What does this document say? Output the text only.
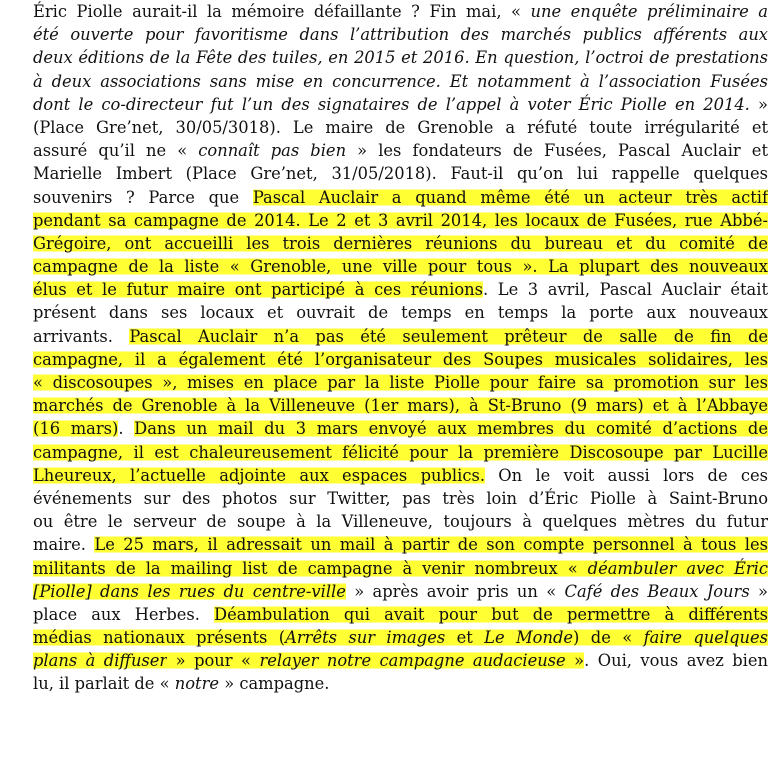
Éric Piolle aurait-il la mémoire défaillante ? Fin mai, « une enquête préliminaire a
été ouverte pour favoritisme dans l’attribution des marchés publics afférents aux
deux éditions de la Fête des tuiles, en 2015 et 2016. En question, l’octroi de prestations
à deux associations sans mise en concurrence. Et notamment à l’association Fusées
dont le co-directeur fut l’un des signataires de l’appel à voter Éric Piolle en 2014. »
(Place Gre’net, 30/05/3018). Le maire de Grenoble a réfuté toute irrégularité et
assuré qu’il ne « connaît pas bien » les fondateurs de Fusées, Pascal Auclair et
Marielle Imbert (Place Gre’net, 31/05/2018). Faut-il qu’on lui rappelle quelques
souvenirs ? Parce que Pascal Auclair a quand même été un acteur très actif
pendant sa campagne de 2014. Le 2 et 3 avril 2014, les locaux de Fusées, rue Abbé-
Grégoire, ont accueilli les trois dernières réunions du bureau et du comité de
campagne de la liste « Grenoble, une ville pour tous ». La plupart des nouveaux
élus et le futur maire ont participé à ces réunions. Le 3 avril, Pascal Auclair était
présent dans ses locaux et ouvrait de temps en temps la porte aux nouveaux
arrivants. Pascal Auclair n’a pas été seulement prêteur de salle de fin de
campagne, il a également été l’organisateur des Soupes musicales solidaires, les
« discosoupes », mises en place par la liste Piolle pour faire sa promotion sur les
marchés de Grenoble à la Villeneuve (1er mars), à St-Bruno (9 mars) et à l’Abbaye
(16 mars). Dans un mail du 3 mars envoyé aux membres du comité d’actions de
campagne, il est chaleureusement félicité pour la première Discosoupe par Lucille
Lheureux, l’actuelle adjointe aux espaces publics. On le voit aussi lors de ces
événements sur des photos sur Twitter, pas très loin d’Éric Piolle à Saint-Bruno
ou être le serveur de soupe à la Villeneuve, toujours à quelques mètres du futur
maire. Le 25 mars, il adressait un mail à partir de son compte personnel à tous les
militants de la mailing list de campagne à venir nombreux « déambuler avec Éric
[Piolle] dans les rues du centre-ville » après avoir pris un « Café des Beaux Jours »
place aux Herbes. Déambulation qui avait pour but de permettre à différents
médias nationaux présents (Arrêts sur images et Le Monde) de « faire quelques
plans à diffuser » pour « relayer notre campagne audacieuse ». Oui, vous avez bien
lu, il parlait de « notre » campagne.
